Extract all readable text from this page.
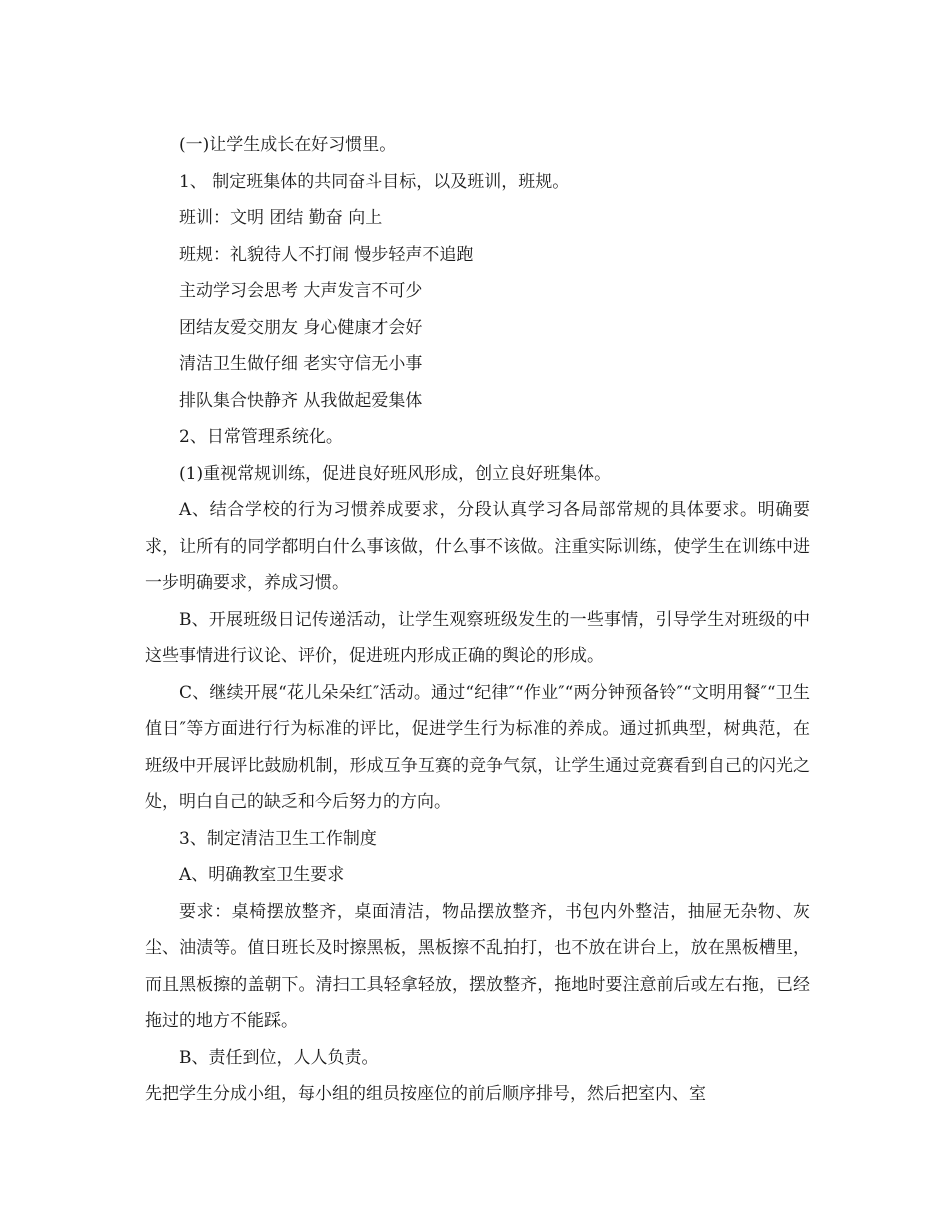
(一)让学生成长在好习惯里。

1、 制定班集体的共同奋斗目标，以及班训，班规。

班训：文明 团结 勤奋 向上

班规：礼貌待人不打闹 慢步轻声不追跑

主动学习会思考 大声发言不可少

团结友爱交朋友 身心健康才会好

清洁卫生做仔细 老实守信无小事

排队集合快静齐 从我做起爱集体

2、日常管理系统化。

(1)重视常规训练，促进良好班风形成，创立良好班集体。

A、结合学校的行为习惯养成要求，分段认真学习各局部常规的具体要求。明确要求，让所有的同学都明白什么事该做，什么事不该做。注重实际训练，使学生在训练中进一步明确要求，养成习惯。

B、开展班级日记传递活动，让学生观察班级发生的一些事情，引导学生对班级的中这些事情进行议论、评价，促进班内形成正确的舆论的形成。

C、继续开展“花儿朵朵红″活动。通过“纪律″“作业″“两分钟预备铃″“文明用餐″“卫生值日″等方面进行行为标准的评比，促进学生行为标准的养成。通过抓典型，树典范，在班级中开展评比鼓励机制，形成互争互赛的竞争气氛，让学生通过竞赛看到自己的闪光之处，明白自己的缺乏和今后努力的方向。

3、制定清洁卫生工作制度

A、明确教室卫生要求

要求：桌椅摆放整齐，桌面清洁，物品摆放整齐，书包内外整洁，抽屉无杂物、灰尘、油渍等。值日班长及时擦黑板，黑板擦不乱拍打，也不放在讲台上，放在黑板槽里，而且黑板擦的盖朝下。清扫工具轻拿轻放，摆放整齐，拖地时要注意前后或左右拖，已经拖过的地方不能踩。

B、责任到位，人人负责。

先把学生分成小组，每小组的组员按座位的前后顺序排号，然后把室内、室
